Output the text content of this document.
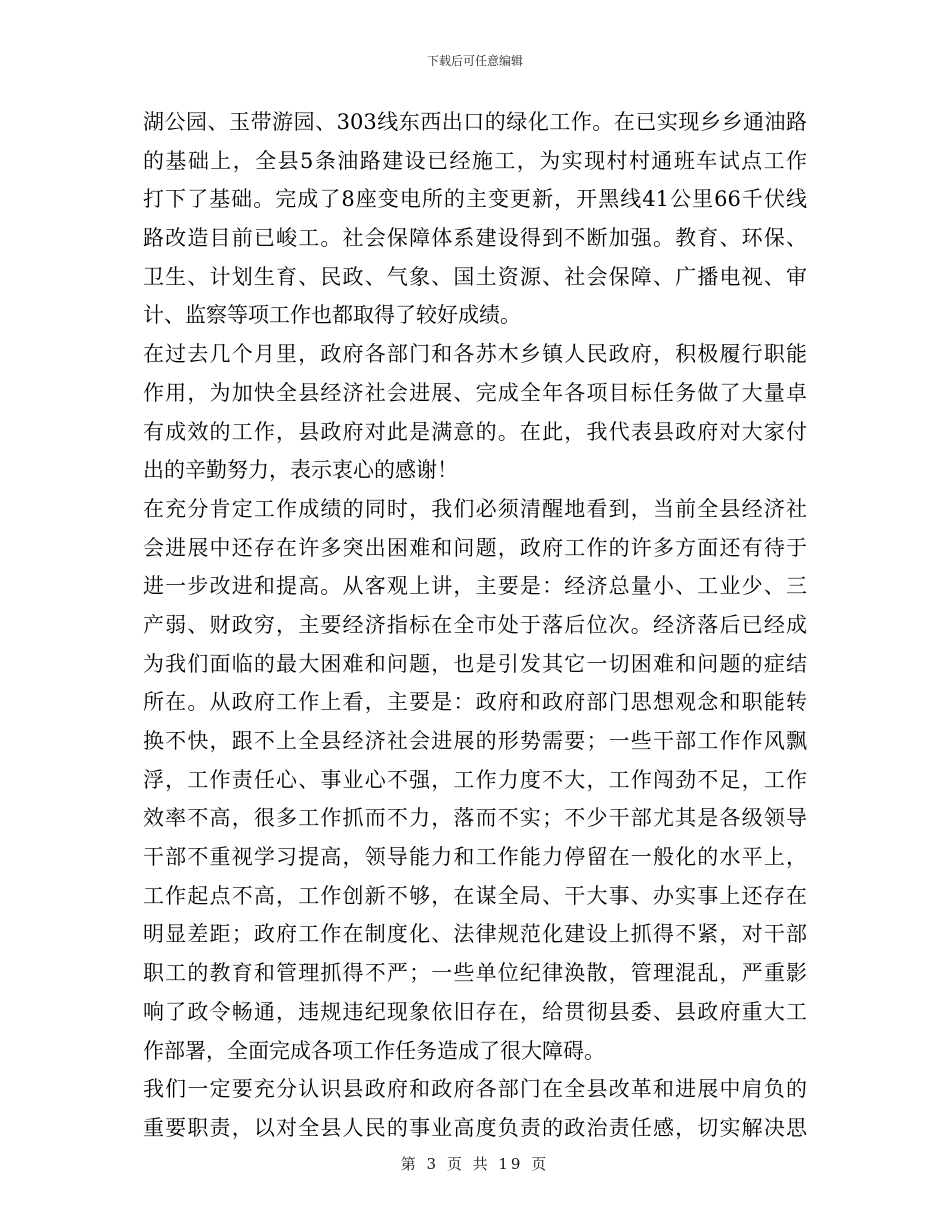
下载后可任意编辑
湖公园、玉带游园、303线东西出口的绿化工作。在已实现乡乡通油路
的基础上，全县5条油路建设已经施工，为实现村村通班车试点工作
打下了基础。完成了8座变电所的主变更新，开黑线41公里66千伏线
路改造目前已峻工。社会保障体系建设得到不断加强。教育、环保、
卫生、计划生育、民政、气象、国土资源、社会保障、广播电视、审
计、监察等项工作也都取得了较好成绩。
在过去几个月里，政府各部门和各苏木乡镇人民政府，积极履行职能
作用，为加快全县经济社会进展、完成全年各项目标任务做了大量卓
有成效的工作，县政府对此是满意的。在此，我代表县政府对大家付
出的辛勤努力，表示衷心的感谢！
在充分肯定工作成绩的同时，我们必须清醒地看到，当前全县经济社
会进展中还存在许多突出困难和问题，政府工作的许多方面还有待于
进一步改进和提高。从客观上讲，主要是：经济总量小、工业少、三
产弱、财政穷，主要经济指标在全市处于落后位次。经济落后已经成
为我们面临的最大困难和问题，也是引发其它一切困难和问题的症结
所在。从政府工作上看，主要是：政府和政府部门思想观念和职能转
换不快，跟不上全县经济社会进展的形势需要；一些干部工作作风飘
浮，工作责任心、事业心不强，工作力度不大，工作闯劲不足，工作
效率不高，很多工作抓而不力，落而不实；不少干部尤其是各级领导
干部不重视学习提高，领导能力和工作能力停留在一般化的水平上，
工作起点不高，工作创新不够，在谋全局、干大事、办实事上还存在
明显差距；政府工作在制度化、法律规范化建设上抓得不紧，对干部
职工的教育和管理抓得不严；一些单位纪律涣散，管理混乱，严重影
响了政令畅通，违规违纪现象依旧存在，给贯彻县委、县政府重大工
作部署，全面完成各项工作任务造成了很大障碍。
我们一定要充分认识县政府和政府各部门在全县改革和进展中肩负的
重要职责，以对全县人民的事业高度负责的政治责任感，切实解决思
第 3 页 共 19 页
